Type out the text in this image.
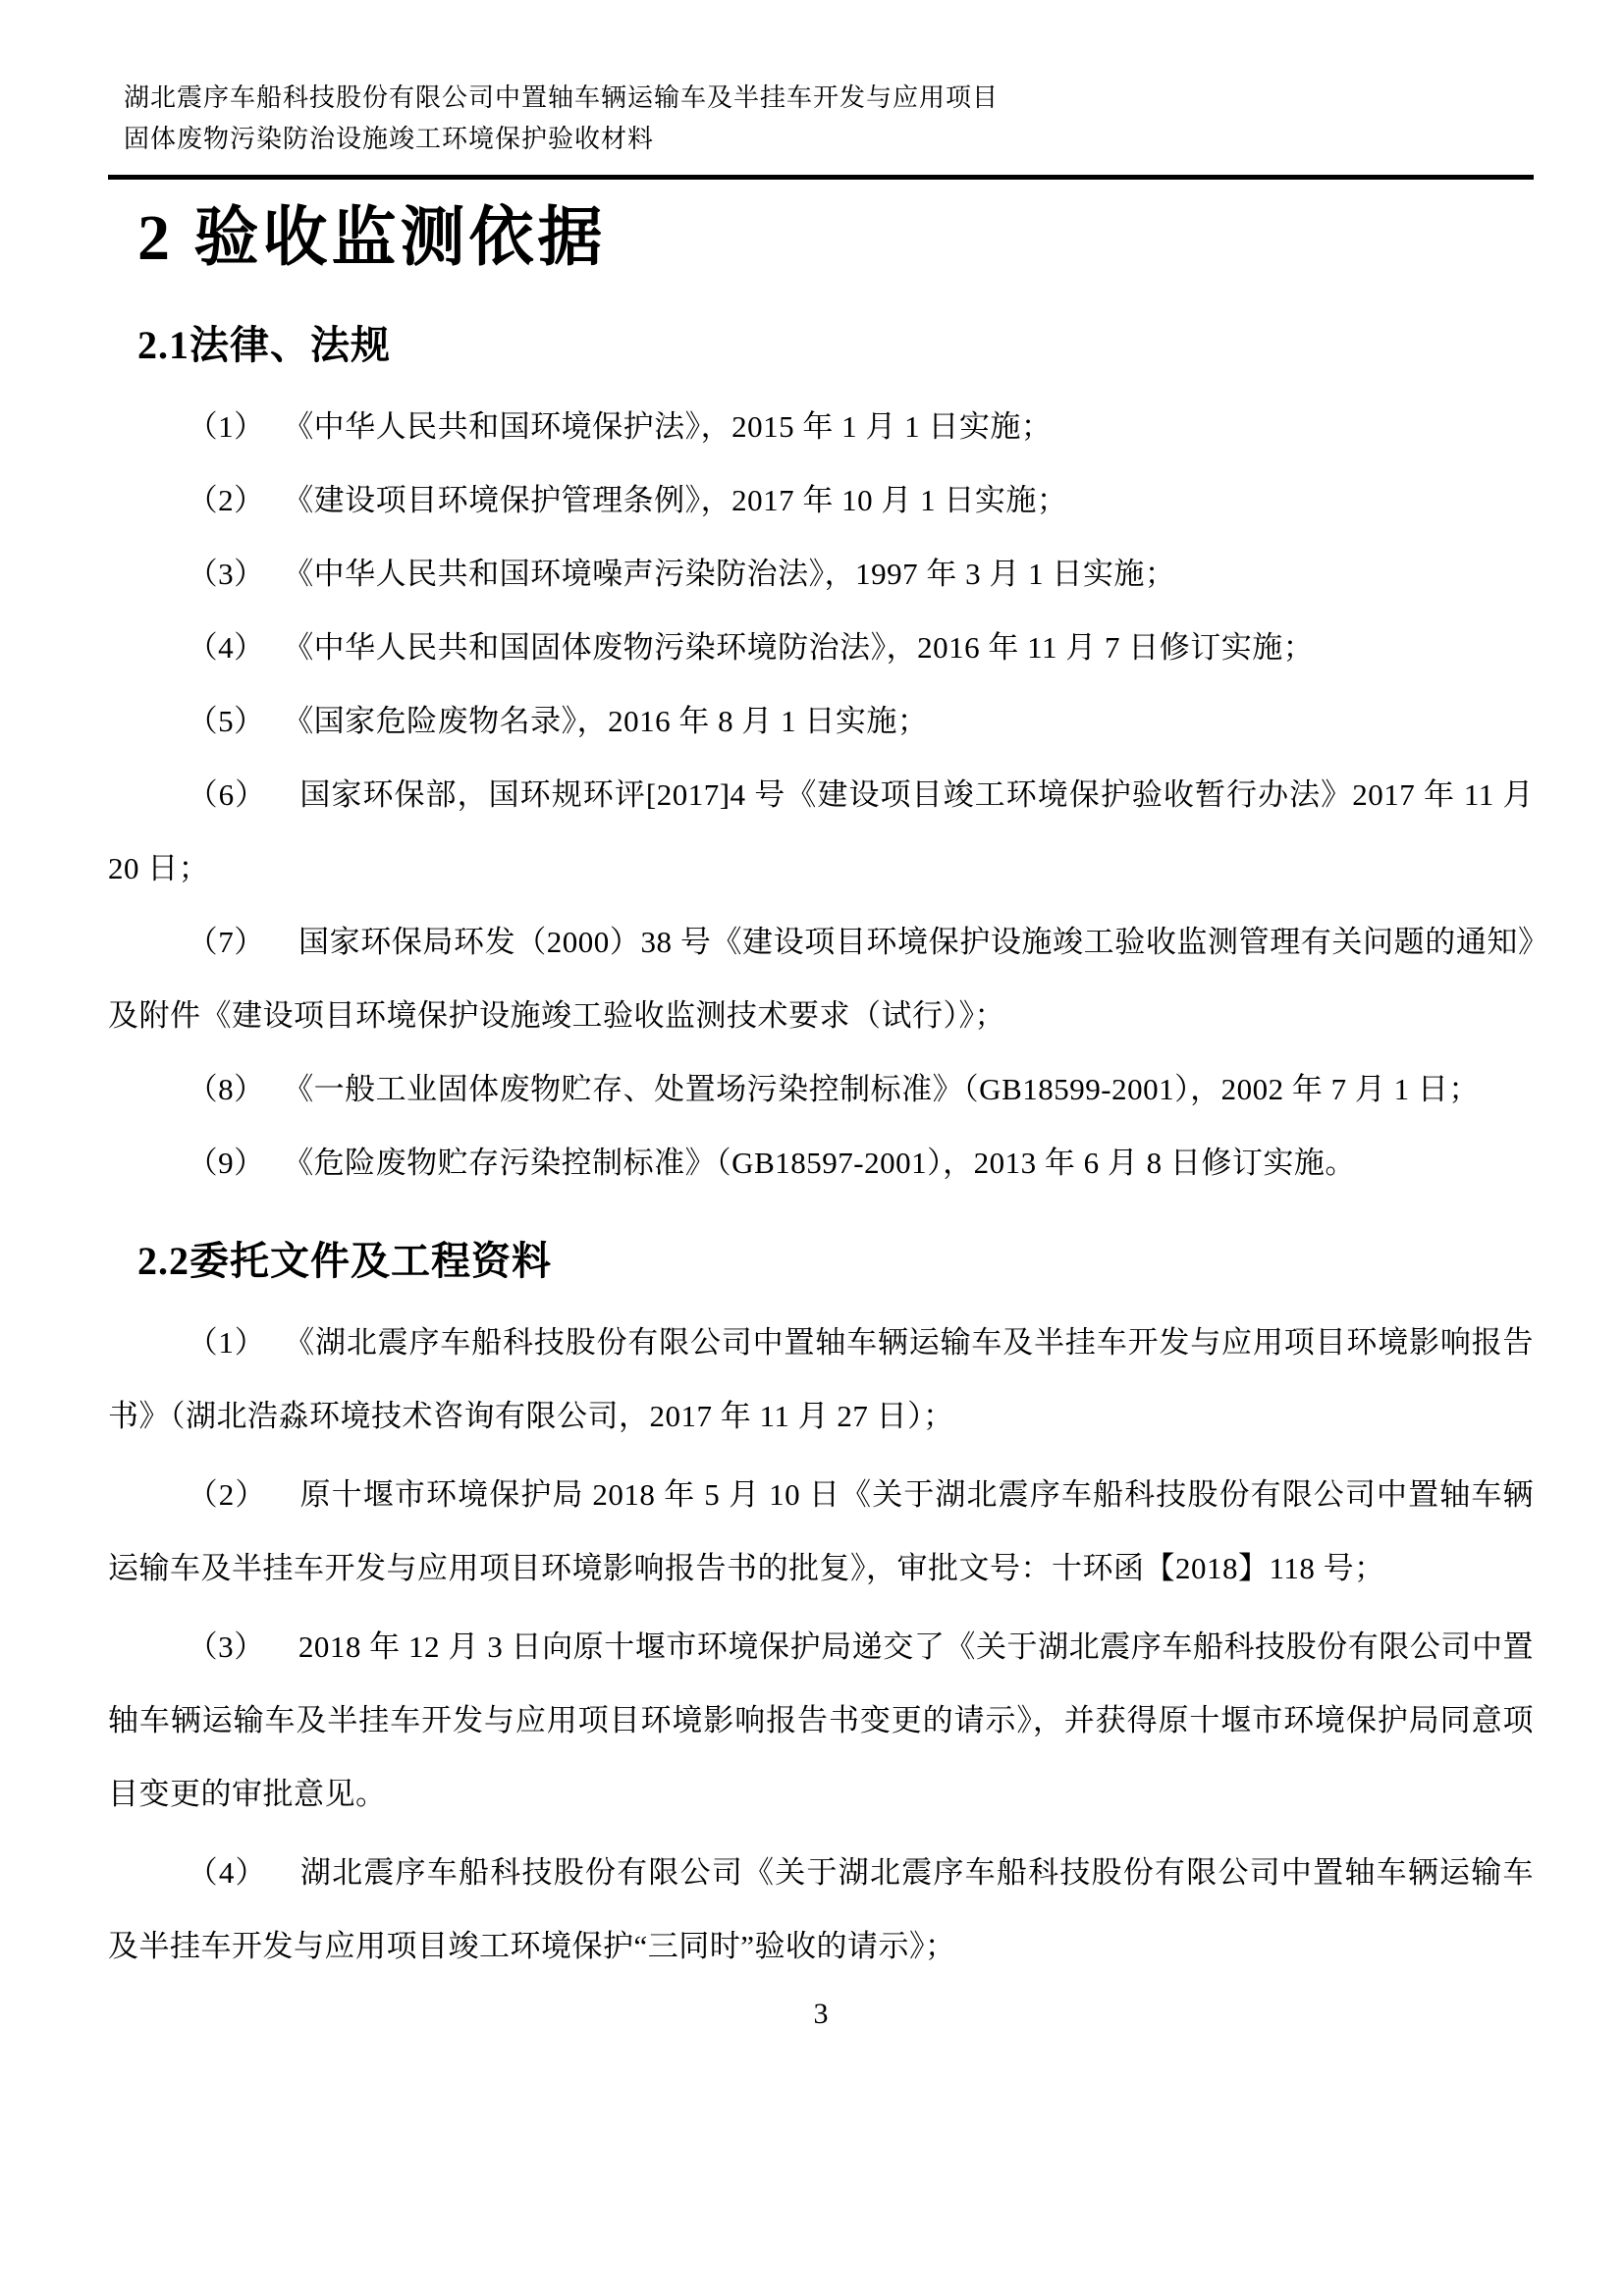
湖北震序车船科技股份有限公司中置轴车辆运输车及半挂车开发与应用项目
固体废物污染防治设施竣工环境保护验收材料
2 验收监测依据
2.1法律、法规

（1） 《中华人民共和国环境保护法》，2015 年 1 月 1 日实施；

（2） 《建设项目环境保护管理条例》，2017 年 10 月 1 日实施；

（3） 《中华人民共和国环境噪声污染防治法》，1997 年 3 月 1 日实施；

（4） 《中华人民共和国固体废物污染环境防治法》，2016 年 11 月 7 日修订实施；

（5） 《国家危险废物名录》，2016 年 8 月 1 日实施；

（6） 国家环保部，国环规环评[2017]4 号《建设项目竣工环境保护验收暂行办法》2017 年 11 月 20 日；

（7） 国家环保局环发（2000）38 号《建设项目环境保护设施竣工验收监测管理有关问题的通知》及附件《建设项目环境保护设施竣工验收监测技术要求（试行）》；

（8） 《一般工业固体废物贮存、处置场污染控制标准》（GB18599-2001），2002 年 7 月 1 日；

（9） 《危险废物贮存污染控制标准》（GB18597-2001），2013 年 6 月 8 日修订实施。

2.2委托文件及工程资料

（1） 《湖北震序车船科技股份有限公司中置轴车辆运输车及半挂车开发与应用项目环境影响报告书》（湖北浩淼环境技术咨询有限公司，2017 年 11 月 27 日）；

（2） 原十堰市环境保护局 2018 年 5 月 10 日《关于湖北震序车船科技股份有限公司中置轴车辆运输车及半挂车开发与应用项目环境影响报告书的批复》，审批文号：十环函【2018】118 号；

（3） 2018 年 12 月 3 日向原十堰市环境保护局递交了《关于湖北震序车船科技股份有限公司中置轴车辆运输车及半挂车开发与应用项目环境影响报告书变更的请示》，并获得原十堰市环境保护局同意项目变更的审批意见。

（4） 湖北震序车船科技股份有限公司《关于湖北震序车船科技股份有限公司中置轴车辆运输车及半挂车开发与应用项目竣工环境保护“三同时”验收的请示》；

3
